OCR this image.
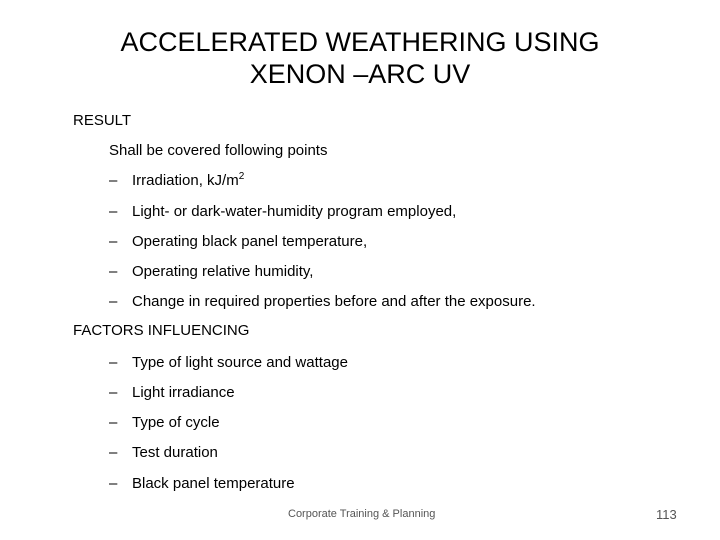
ACCELERATED WEATHERING USING
XENON –ARC UV
RESULT
Shall be covered following points
– Irradiation, $kJ/m^2$
– Light- or dark-water-humidity program employed,
– Operating black panel temperature,
– Operating relative humidity,
– Change in required properties before and after the exposure.
FACTORS INFLUENCING
– Type of light source and wattage
– Light irradiance
– Type of cycle
– Test duration
– Black panel temperature
Corporate Training & Planning	113
